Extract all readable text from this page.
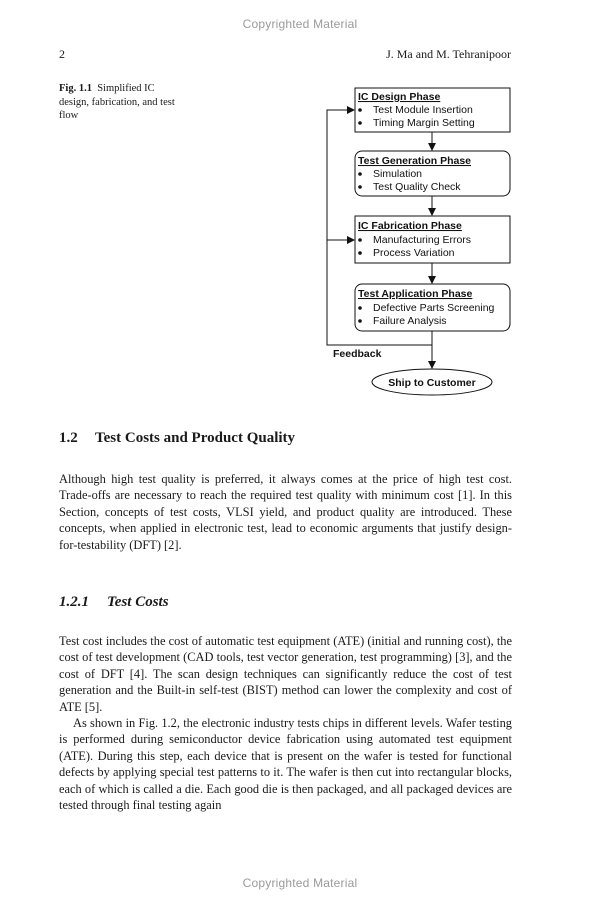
Copyrighted Material
2	J. Ma and M. Tehranipoor
Fig. 1.1 Simplified IC design, fabrication, and test flow
IC Design Phase
Test Module Insertion
Timing Margin Setting
Test Generation Phase
Simulation
Test Quality Check
IC Fabrication Phase
Manufacturing Errors
Process Variation
Test Application Phase
Defective Parts Screening
Failure Analysis
Feedback
Ship to Customer
1.2 Test Costs and Product Quality

Although high test quality is preferred, it always comes at the price of high test cost. Trade-offs are necessary to reach the required test quality with minimum cost [1]. In this Section, concepts of test costs, VLSI yield, and product quality are introduced. These concepts, when applied in electronic test, lead to economic arguments that justify design-for-testability (DFT) [2].

1.2.1 Test Costs

Test cost includes the cost of automatic test equipment (ATE) (initial and running cost), the cost of test development (CAD tools, test vector generation, test programming) [3], and the cost of DFT [4]. The scan design techniques can significantly reduce the cost of test generation and the Built-in self-test (BIST) method can lower the complexity and cost of ATE [5].

As shown in Fig. 1.2, the electronic industry tests chips in different levels. Wafer testing is performed during semiconductor device fabrication using automated test equipment (ATE). During this step, each device that is present on the wafer is tested for functional defects by applying special test patterns to it. The wafer is then cut into rectangular blocks, each of which is called a die. Each good die is then packaged, and all packaged devices are tested through final testing again

Copyrighted Material
